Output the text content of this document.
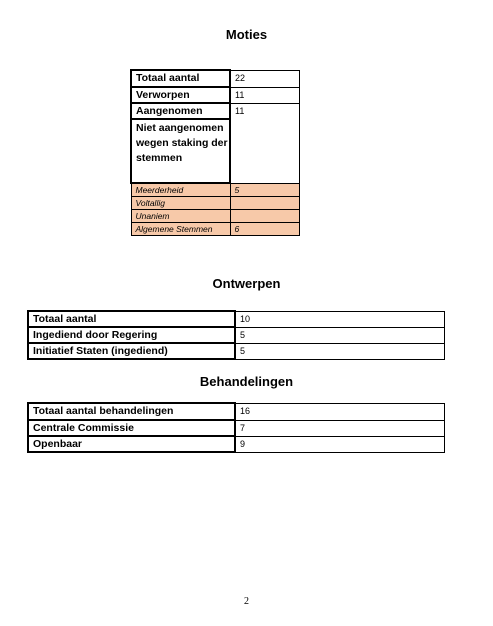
Moties
Totaal aantal	22
Verworpen	11
Aangenomen	11
Niet aangenomen wegen staking der stemmen	
Meerderheid	5
Voltallig	
Unaniem	
Algemene Stemmen	6
Ontwerpen
Totaal aantal	10
Ingediend door Regering	5
Initiatief Staten (ingediend)	5
Behandelingen
Totaal aantal behandelingen	16
Centrale Commissie	7
Openbaar	9
2
